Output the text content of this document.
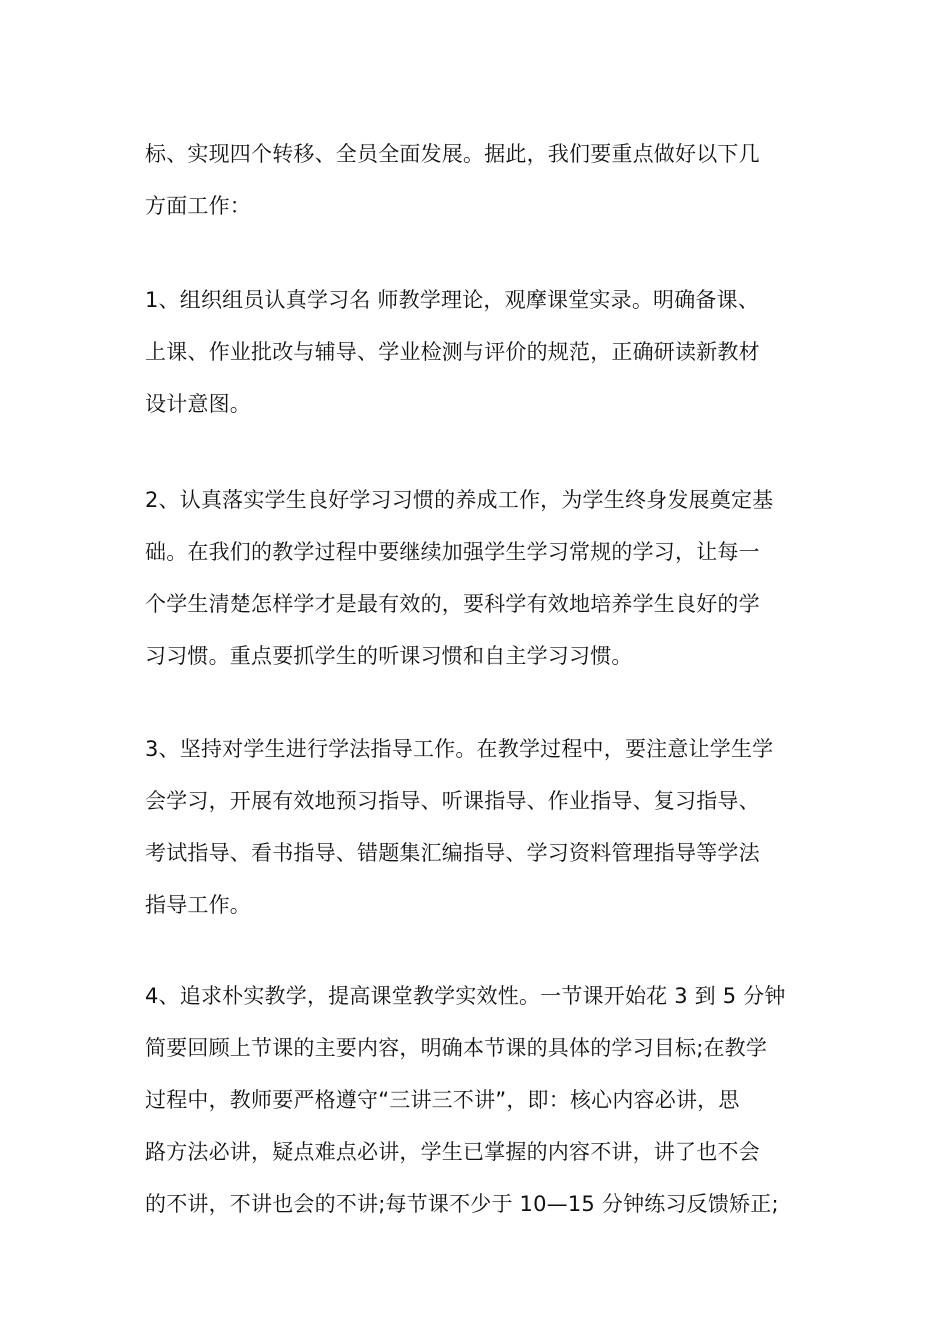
标、实现四个转移、全员全面发展。据此，我们要重点做好以下几
方面工作：
1、组织组员认真学习名 师教学理论，观摩课堂实录。明确备课、
上课、作业批改与辅导、学业检测与评价的规范，正确研读新教材
设计意图。
2、认真落实学生良好学习习惯的养成工作，为学生终身发展奠定基
础。在我们的教学过程中要继续加强学生学习常规的学习，让每一
个学生清楚怎样学才是最有效的，要科学有效地培养学生良好的学
习习惯。重点要抓学生的听课习惯和自主学习习惯。
3、坚持对学生进行学法指导工作。在教学过程中，要注意让学生学
会学习，开展有效地预习指导、听课指导、作业指导、复习指导、
考试指导、看书指导、错题集汇编指导、学习资料管理指导等学法
指导工作。
4、追求朴实教学，提高课堂教学实效性。一节课开始花 3 到 5 分钟
简要回顾上节课的主要内容，明确本节课的具体的学习目标;在教学
过程中，教师要严格遵守“三讲三不讲”，即：核心内容必讲，思
路方法必讲，疑点难点必讲，学生已掌握的内容不讲，讲了也不会
的不讲，不讲也会的不讲;每节课不少于 10—15 分钟练习反馈矫正;
